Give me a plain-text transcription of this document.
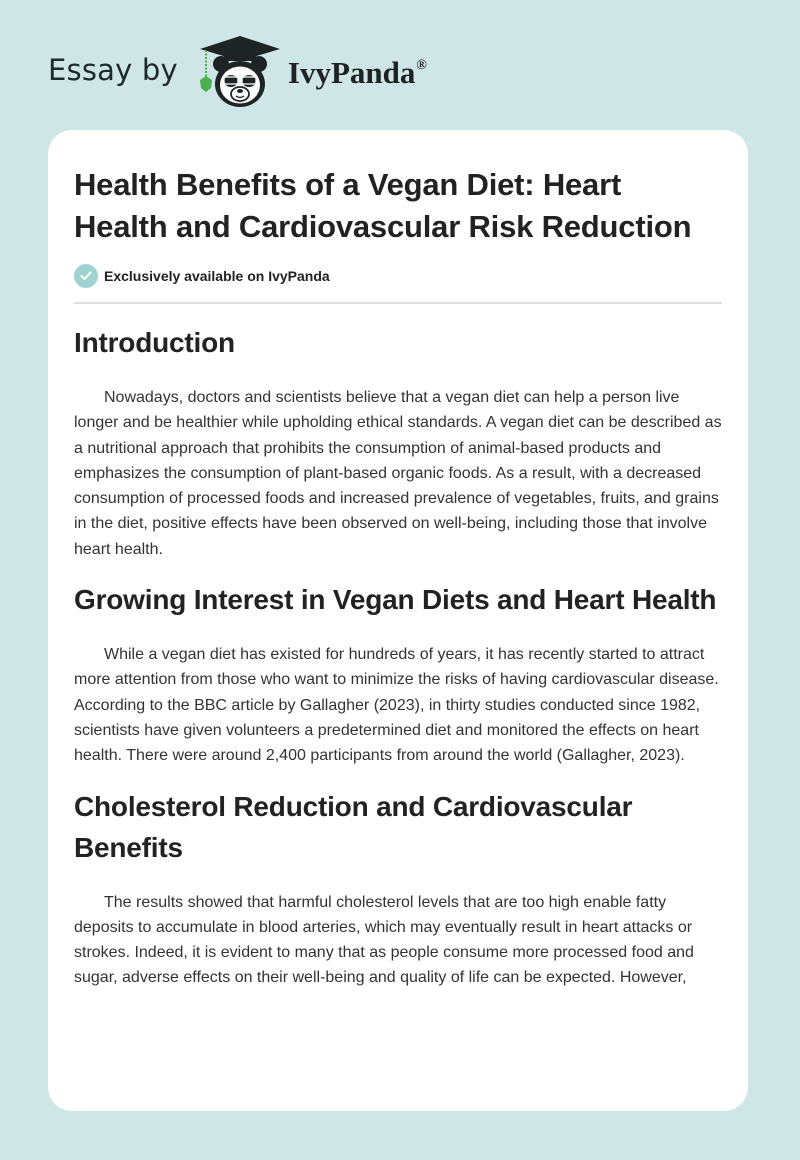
Essay by	IvyPanda®
Health Benefits of a Vegan Diet: Heart Health and Cardiovascular Risk Reduction
Exclusively available on IvyPanda
Introduction

Nowadays, doctors and scientists believe that a vegan diet can help a person live longer and be healthier while upholding ethical standards. A vegan diet can be described as a nutritional approach that prohibits the consumption of animal-based products and emphasizes the consumption of plant-based organic foods. As a result, with a decreased consumption of processed foods and increased prevalence of vegetables, fruits, and grains in the diet, positive effects have been observed on well-being, including those that involve heart health.

Growing Interest in Vegan Diets and Heart Health

While a vegan diet has existed for hundreds of years, it has recently started to attract more attention from those who want to minimize the risks of having cardiovascular disease. According to the BBC article by Gallagher (2023), in thirty studies conducted since 1982, scientists have given volunteers a predetermined diet and monitored the effects on heart health. There were around 2,400 participants from around the world (Gallagher, 2023).

Cholesterol Reduction and Cardiovascular Benefits

The results showed that harmful cholesterol levels that are too high enable fatty deposits to accumulate in blood arteries, which may eventually result in heart attacks or strokes. Indeed, it is evident to many that as people consume more processed food and sugar, adverse effects on their well-being and quality of life can be expected. However,
